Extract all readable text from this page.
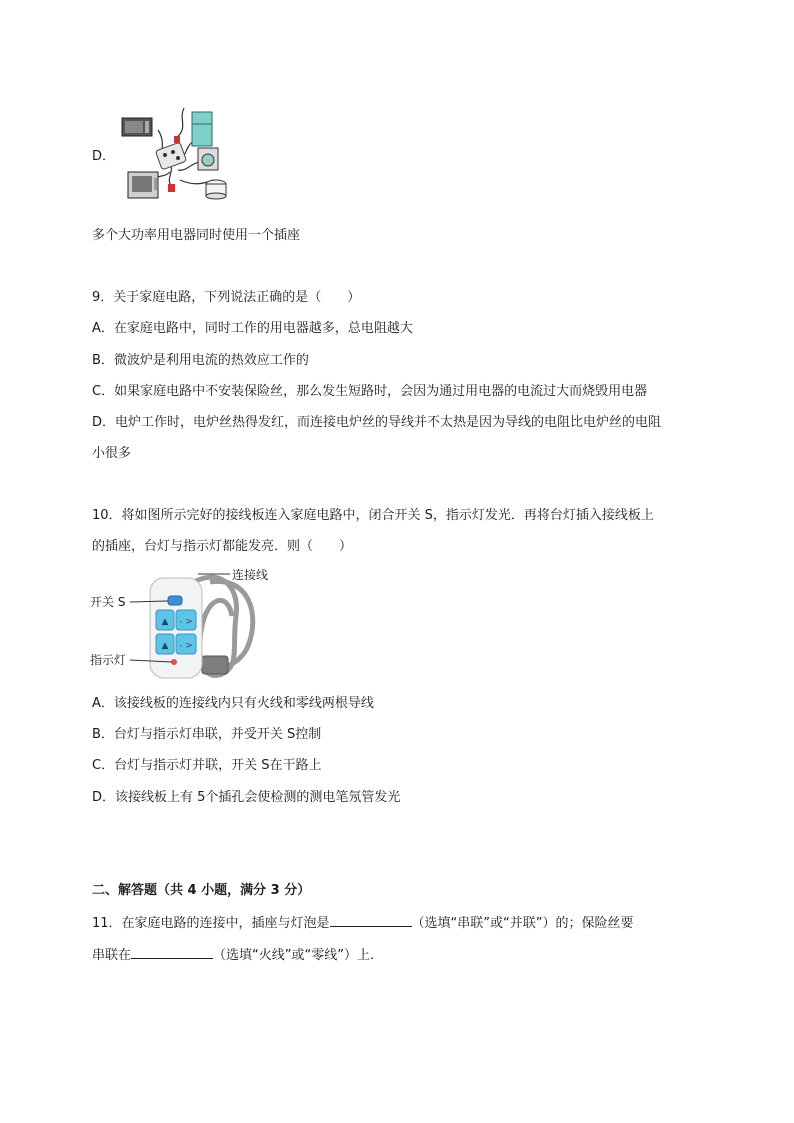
D．
多个大功率用电器同时使用一个插座
9．关于家庭电路，下列说法正确的是（　　）
A．在家庭电路中，同时工作的用电器越多，总电阻越大
B．微波炉是利用电流的热效应工作的
C．如果家庭电路中不安装保险丝，那么发生短路时，会因为通过用电器的电流过大而烧毁用电器
D．电炉工作时，电炉丝热得发红，而连接电炉丝的导线并不太热是因为导线的电阻比电炉丝的电阻
小很多
10．将如图所示完好的接线板连入家庭电路中，闭合开关 S，指示灯发光．再将台灯插入接线板上
的插座，台灯与指示灯都能发亮．则（　　）
▲ - >
▲ - >
连接线
开关 S
指示灯
A．该接线板的连接线内只有火线和零线两根导线
B．台灯与指示灯串联，并受开关 S控制
C．台灯与指示灯并联，开关 S在干路上
D．该接线板上有 5个插孔会使检测的测电笔氖管发光
二、解答题（共 4 小题，满分 3 分）
11．在家庭电路的连接中，插座与灯泡是	（选填“串联”或“并联”）的；保险丝要
串联在	（选填“火线”或“零线”）上．
